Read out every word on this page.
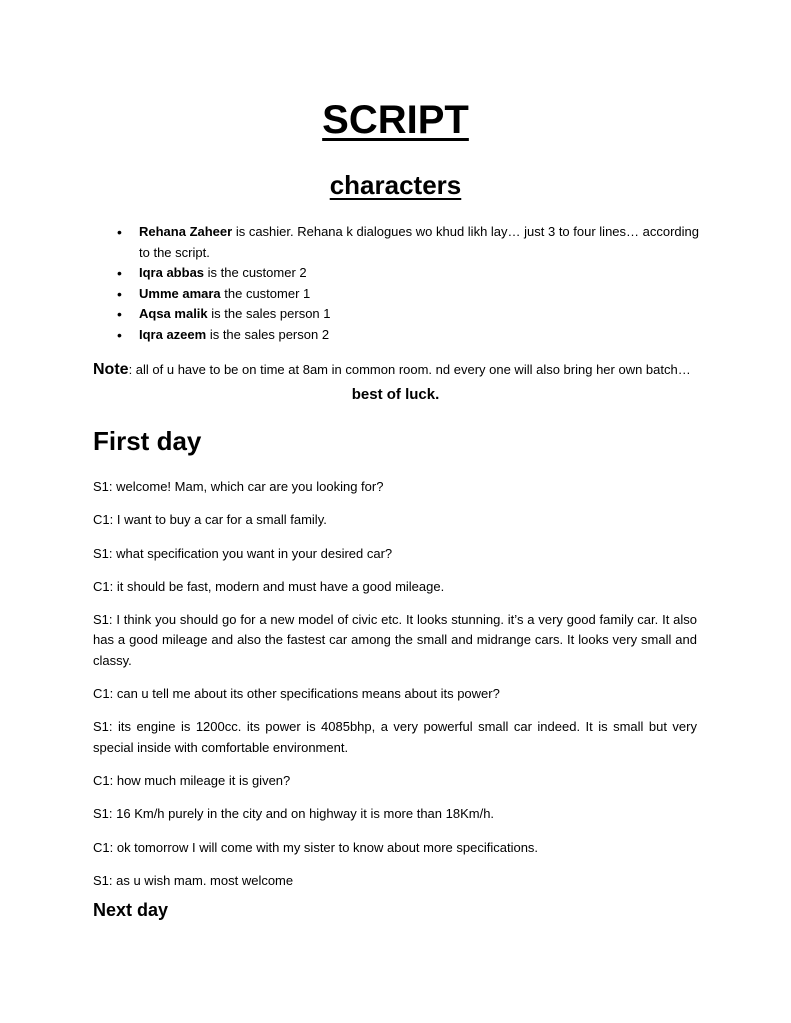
SCRIPT
characters
• Rehana Zaheer is cashier. Rehana k dialogues wo khud likh lay… just 3 to four lines… according to the script.
• Iqra abbas is the customer 2
• Umme amara the customer 1
• Aqsa malik is the sales person 1
• Iqra azeem is the sales person 2
Note: all of u have to be on time at 8am in common room. nd every one will also bring her own batch…
best of luck.
First day

S1: welcome! Mam, which car are you looking for?

C1: I want to buy a car for a small family.

S1: what specification you want in your desired car?

C1: it should be fast, modern and must have a good mileage.

S1: I think you should go for a new model of civic etc. It looks stunning. it’s a very good family car. It also has a good mileage and also the fastest car among the small and midrange cars. It looks very small and classy.

C1: can u tell me about its other specifications means about its power?

S1: its engine is 1200cc. its power is 4085bhp, a very powerful small car indeed. It is small but very special inside with comfortable environment.

C1: how much mileage it is given?

S1: 16 Km/h purely in the city and on highway it is more than 18Km/h.

C1: ok tomorrow I will come with my sister to know about more specifications.

S1: as u wish mam. most welcome

Next day
